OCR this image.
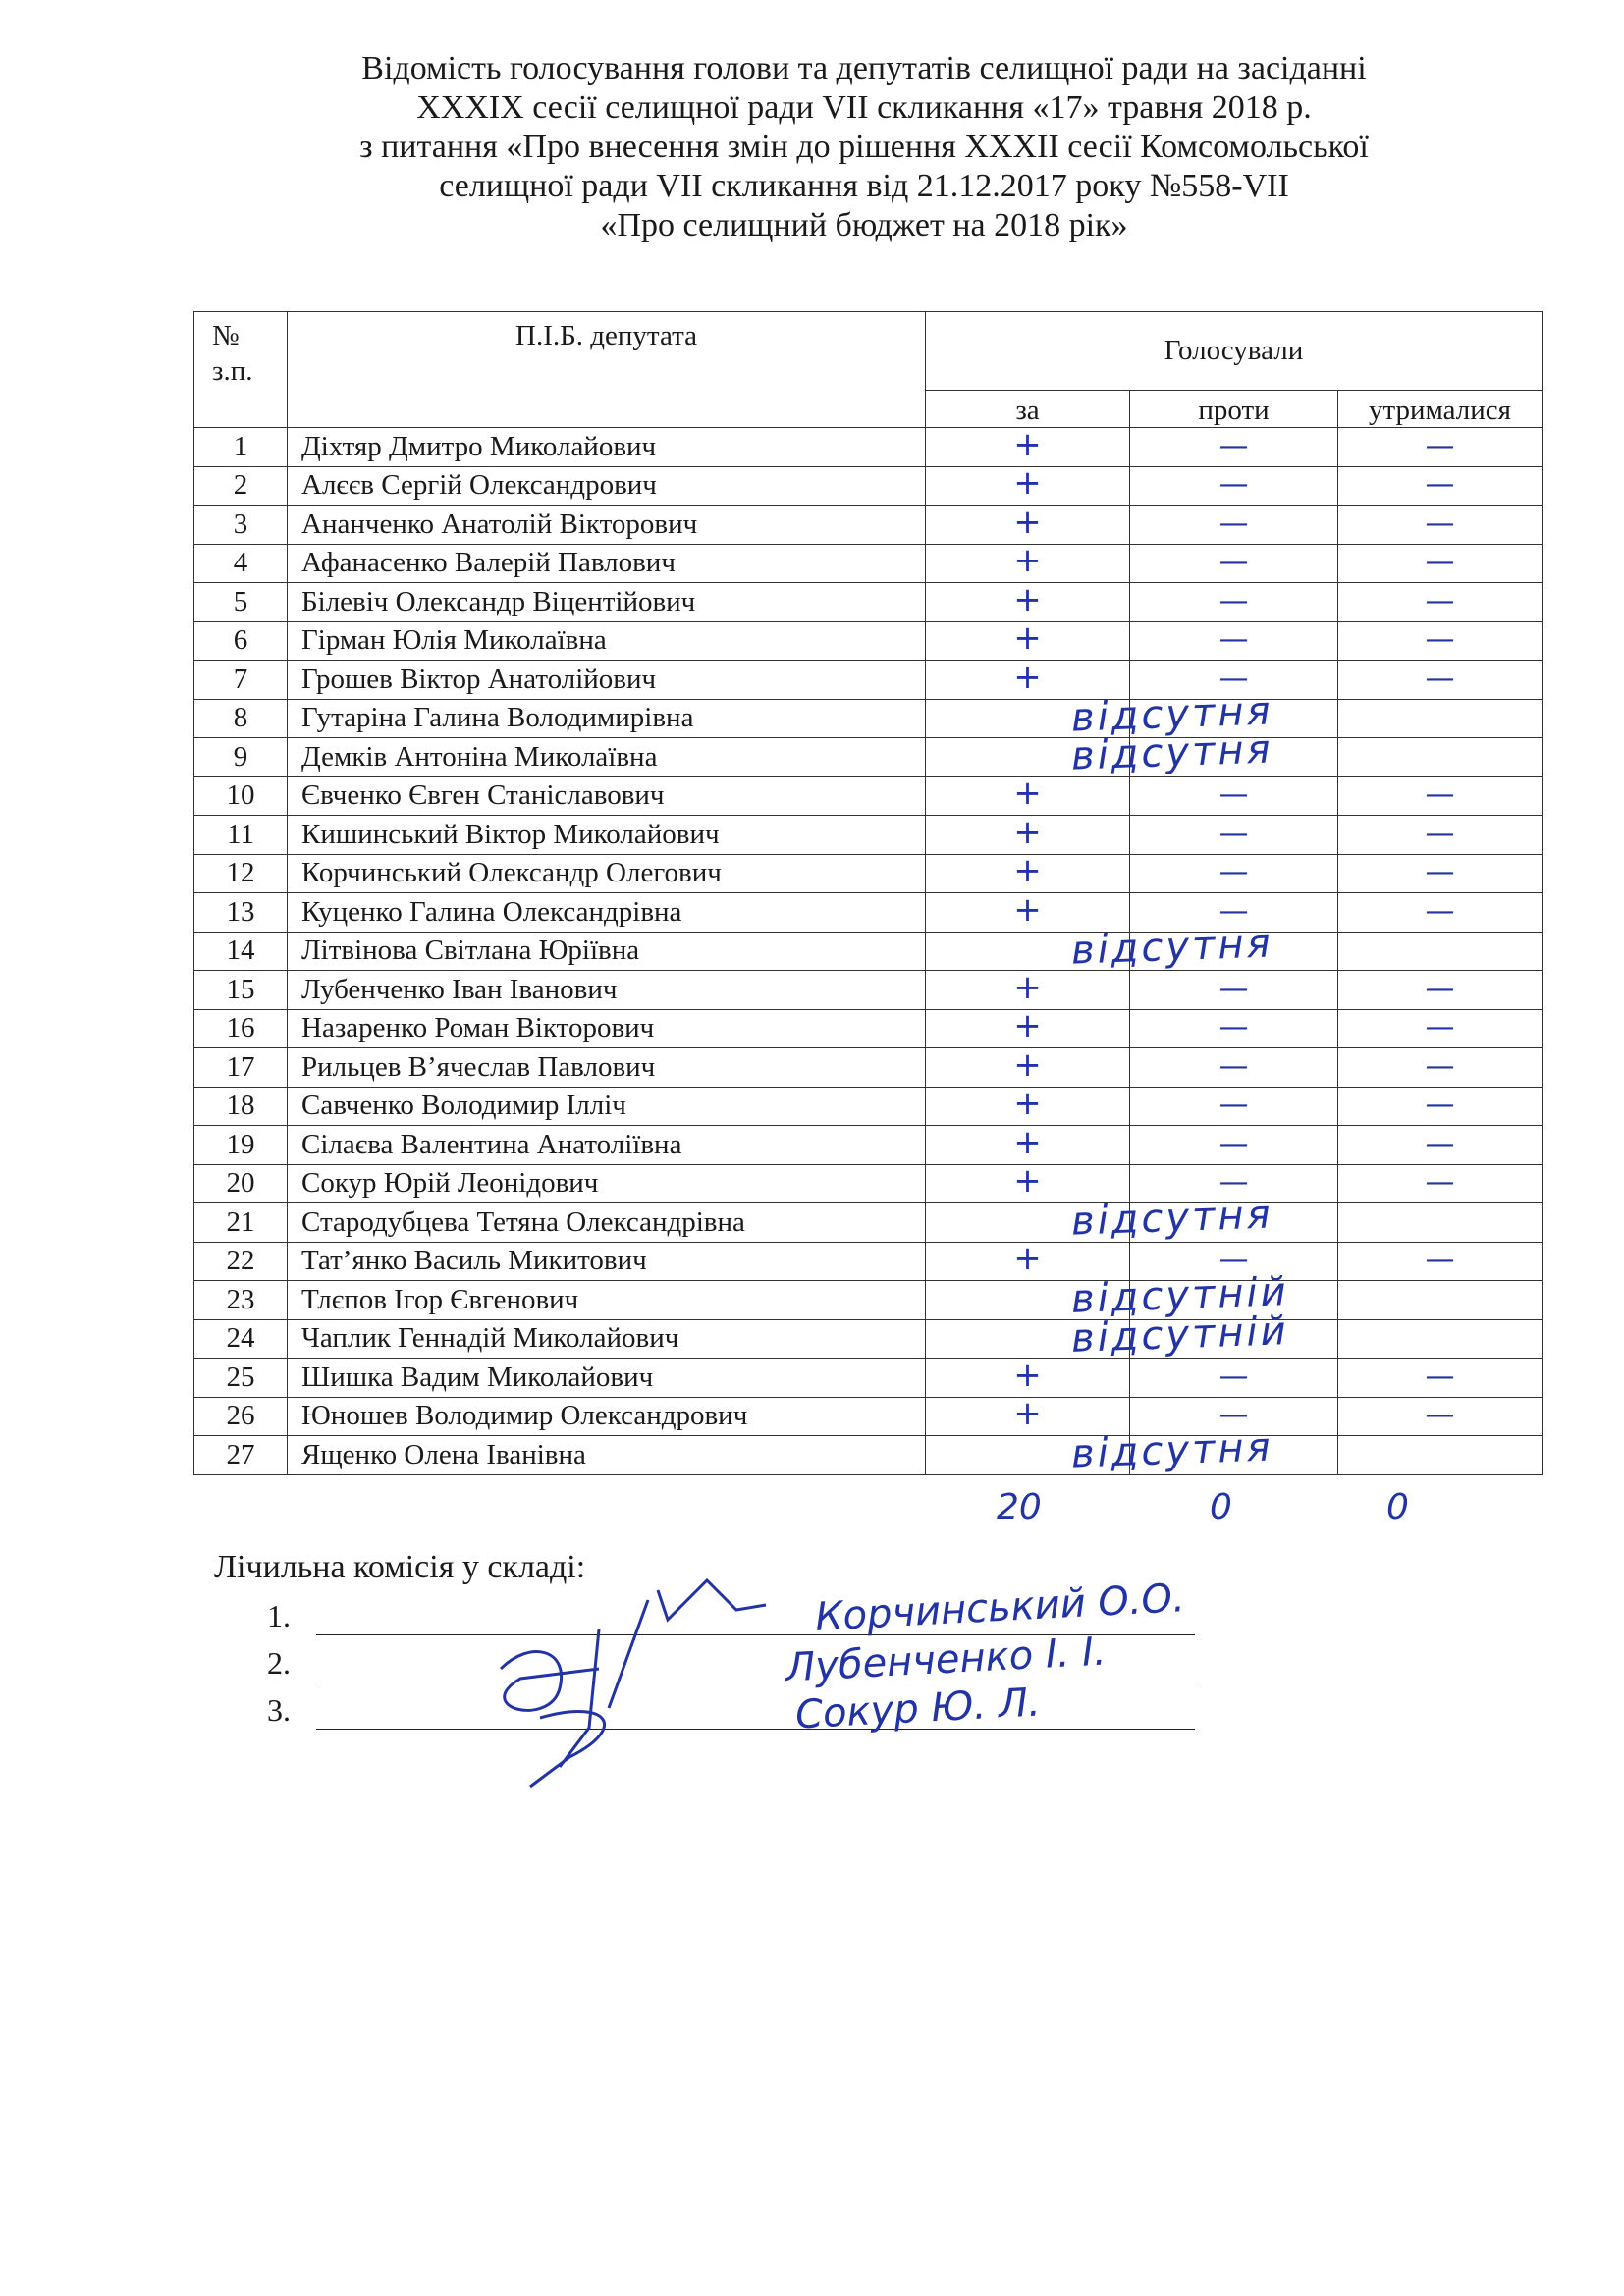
Відомість голосування голови та депутатів селищної ради на засіданні
XXXIX сесії селищної ради VII скликання «17» травня 2018 р.
з питання «Про внесення змін до рішення XXXII сесії Комсомольської
селищної ради VII скликання від 21.12.2017 року №558-VII
«Про селищний бюджет на 2018 рік»
№ з.п.	П.І.Б. депутата	Голосували		
		за	проти	утрималися
1	Діхтяр Дмитро Миколайович	+	—	—
2	Алєєв Сергій Олександрович	+	—	—
3	Ананченко Анатолій Вікторович	+	—	—
4	Афанасенко Валерій Павлович	+	—	—
5	Білевіч Олександр Віцентійович	+	—	—
6	Гірман Юлія Миколаївна	+	—	—
7	Грошев Віктор Анатолійович	+	—	—
8	Гутаріна Галина Володимирівна		відсутня	

9	Демків Антоніна Миколаївна		відсутня	

10	Євченко Євген Станіславович	+	—	—
11	Кишинський Віктор Миколайович	+	—	—
12	Корчинський Олександр Олегович	+	—	—
13	Куценко Галина Олександрівна	+	—	—
14	Літвінова Світлана Юріївна		відсутня	

15	Лубенченко Іван Іванович	+	—	—
16	Назаренко Роман Вікторович	+	—	—
17	Рильцев В’ячеслав Павлович	+	—	—
18	Савченко Володимир Ілліч	+	—	—
19	Сілаєва Валентина Анатоліївна	+	—	—
20	Сокур Юрій Леонідович	+	—	—
21	Стародубцева Тетяна Олександрівна		відсутня	

22	Тат’янко Василь Микитович	+	—	—
23	Тлєпов Ігор Євгенович		відсутній	

24	Чаплик Геннадій Миколайович		відсутній	

25	Шишка Вадим Миколайович	+	—	—
26	Юношев Володимир Олександрович	+	—	—
27	Ященко Олена Іванівна		відсутня	

20	0	0
Лічильна комісія у складі:
1.	Корчинський О.О.
2.	Лубенченко І. І.
3.	Сокур Ю. Л.
